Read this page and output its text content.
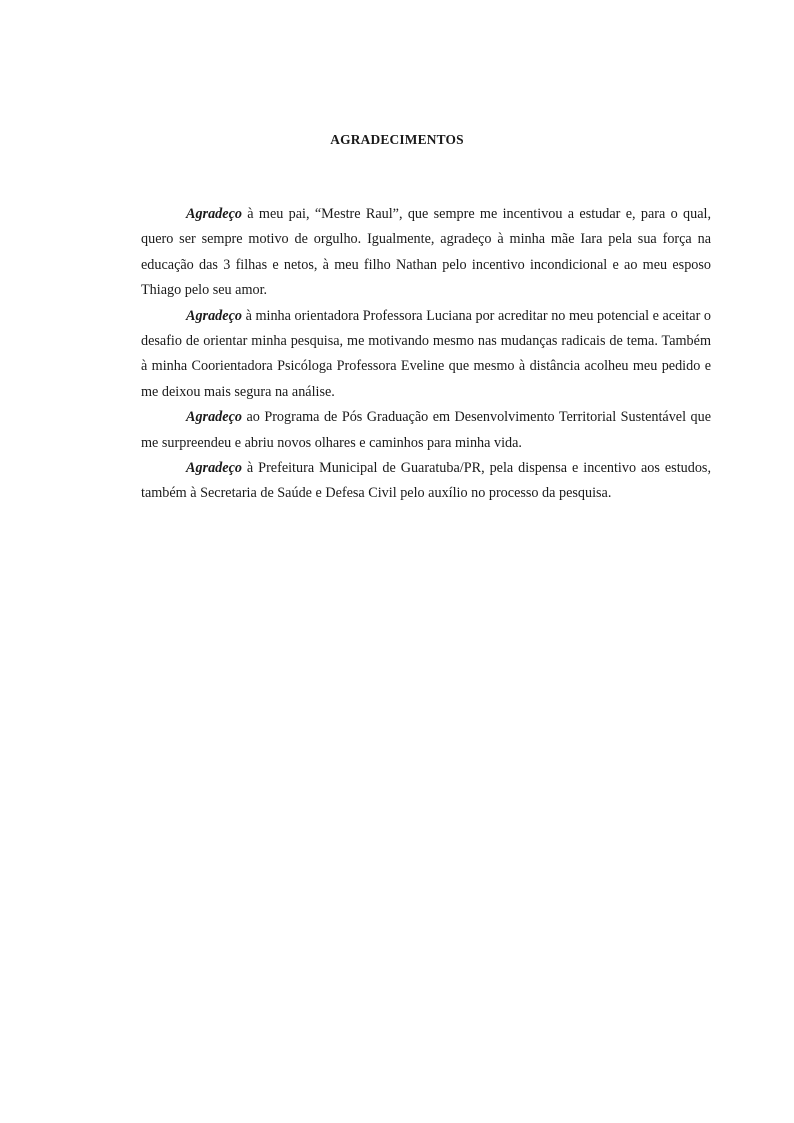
AGRADECIMENTOS

Agradeço à meu pai, “Mestre Raul”, que sempre me incentivou a estudar e, para o qual, quero ser sempre motivo de orgulho. Igualmente, agradeço à minha mãe Iara pela sua força na educação das 3 filhas e netos, à meu filho Nathan pelo incentivo incondicional e ao meu esposo Thiago pelo seu amor.

Agradeço à minha orientadora Professora Luciana por acreditar no meu potencial e aceitar o desafio de orientar minha pesquisa, me motivando mesmo nas mudanças radicais de tema. Também à minha Coorientadora Psicóloga Professora Eveline que mesmo à distância acolheu meu pedido e me deixou mais segura na análise.

Agradeço ao Programa de Pós Graduação em Desenvolvimento Territorial Sustentável que me surpreendeu e abriu novos olhares e caminhos para minha vida.

Agradeço à Prefeitura Municipal de Guaratuba/PR, pela dispensa e incentivo aos estudos, também à Secretaria de Saúde e Defesa Civil pelo auxílio no processo da pesquisa.
